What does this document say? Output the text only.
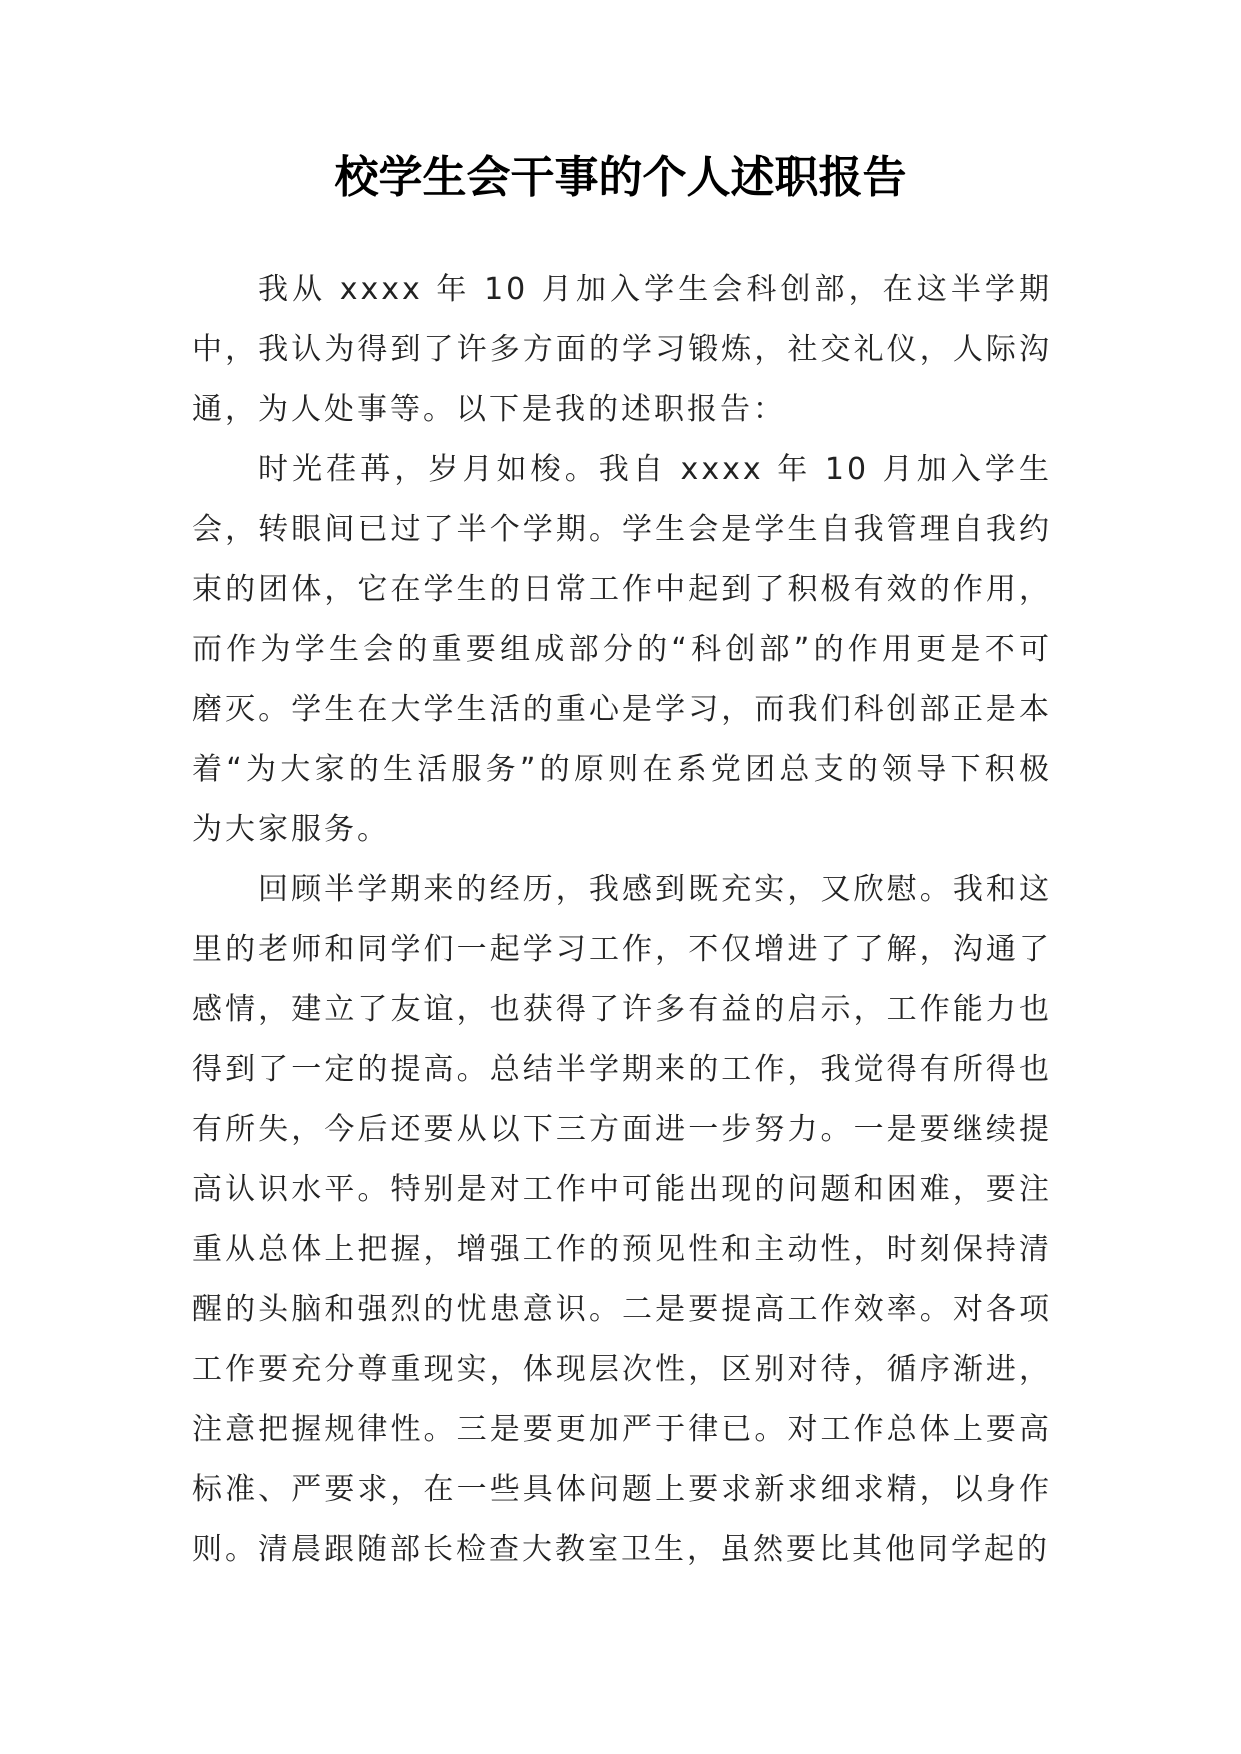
校学生会干事的个人述职报告

我从 xxxx 年 10 月加入学生会科创部，在这半学期中，我认为得到了许多方面的学习锻炼，社交礼仪，人际沟通，为人处事等。以下是我的述职报告：

时光荏苒，岁月如梭。我自 xxxx 年 10 月加入学生会，转眼间已过了半个学期。学生会是学生自我管理自我约束的团体，它在学生的日常工作中起到了积极有效的作用，而作为学生会的重要组成部分的“科创部”的作用更是不可磨灭。学生在大学生活的重心是学习，而我们科创部正是本着“为大家的生活服务”的原则在系党团总支的领导下积极为大家服务。

回顾半学期来的经历，我感到既充实，又欣慰。我和这里的老师和同学们一起学习工作，不仅增进了了解，沟通了感情，建立了友谊，也获得了许多有益的启示，工作能力也得到了一定的提高。总结半学期来的工作，我觉得有所得也有所失，今后还要从以下三方面进一步努力。一是要继续提高认识水平。特别是对工作中可能出现的问题和困难，要注重从总体上把握，增强工作的预见性和主动性，时刻保持清醒的头脑和强烈的忧患意识。二是要提高工作效率。对各项工作要充分尊重现实，体现层次性，区别对待，循序渐进，注意把握规律性。三是要更加严于律已。对工作总体上要高标准、严要求，在一些具体问题上要求新求细求精，以身作则。清晨跟随部长检查大教室卫生，虽然要比其他同学起的
